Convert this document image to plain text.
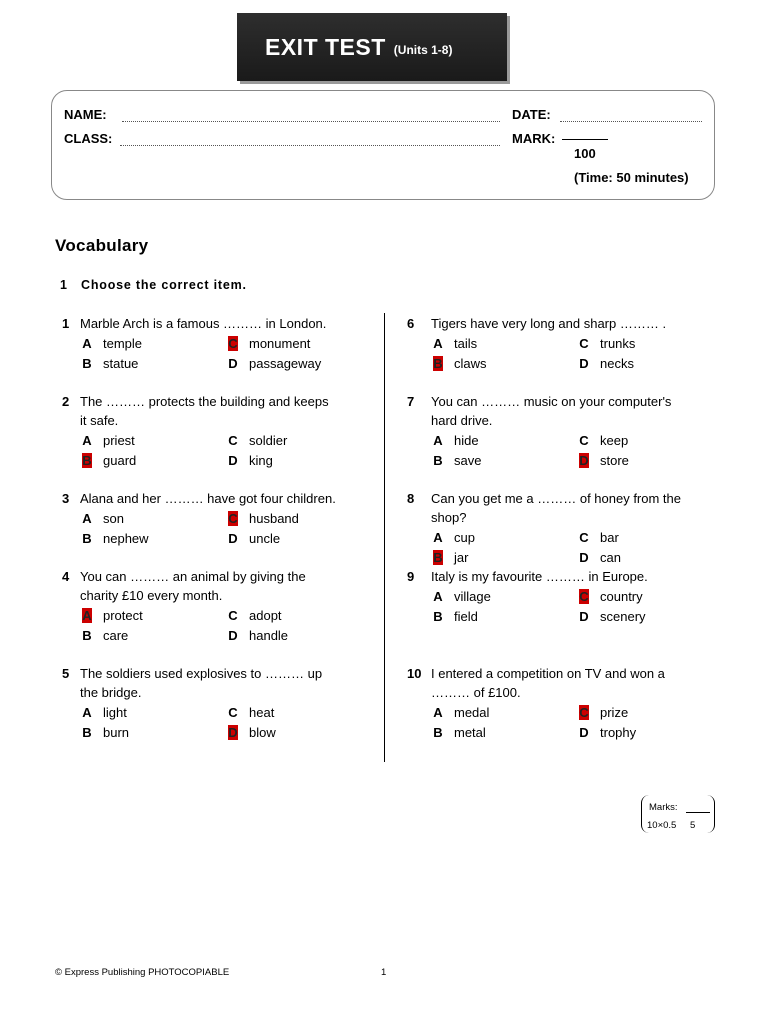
EXIT TEST (Units 1-8)
NAME:
CLASS:
DATE:
MARK:
100
(Time: 50 minutes)
Vocabulary
1 Choose the correct item.
1 Marble Arch is a famous ……… in London.
A temple
B statue
C monument
D passageway
2 The ……… protects the building and keeps
it safe.
A priest
B guard
C soldier
D king
3 Alana and her ……… have got four children.
A son
B nephew
C husband
D uncle
4 You can ……… an animal by giving the
charity £10 every month.
A protect
B care
C adopt
D handle
5 The soldiers used explosives to ……… up
the bridge.
A light
B burn
C heat
D blow
6 Tigers have very long and sharp ……… .
A tails
B claws
C trunks
D necks
7 You can ……… music on your computer's
hard drive.
A hide
B save
C keep
D store
8 Can you get me a ……… of honey from the
shop?
A cup
B jar
C bar
D can
9 Italy is my favourite ……… in Europe.
A village
B field
C country
D scenery
10 I entered a competition on TV and won a
……… of £100.
A medal
B metal
C prize
D trophy
Marks:
10×0.5 5
© Express Publishing PHOTOCOPIABLE	1
